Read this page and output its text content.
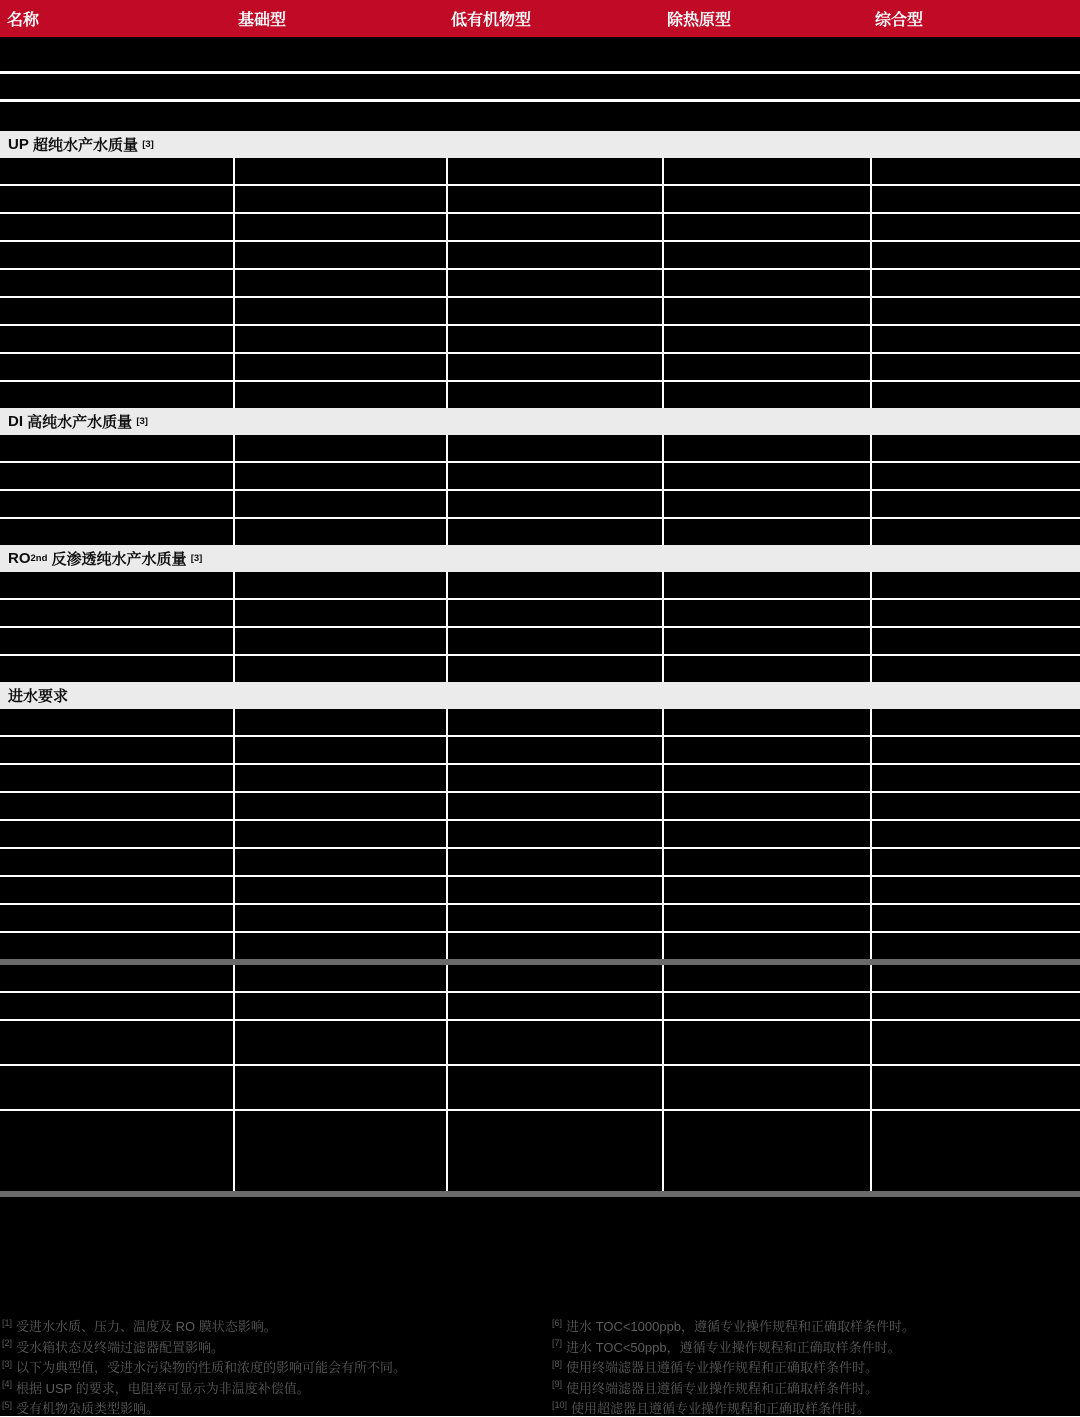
名称	基础型	低有机物型	除热原型	综合型
UP 超纯水产水质量 [3]
DI 高纯水产水质量 [3]
RO 2nd 反渗透纯水产水质量 [3]
进水要求
[1] 受进水水质、压力、温度及 RO 膜状态影响。
[2] 受水箱状态及终端过滤器配置影响。
[3] 以下为典型值，受进水污染物的性质和浓度的影响可能会有所不同。
[4] 根据 USP 的要求，电阻率可显示为非温度补偿值。
[5] 受有机物杂质类型影响。
[6] 进水 TOC<1000ppb，遵循专业操作规程和正确取样条件时。
[7] 进水 TOC<50ppb，遵循专业操作规程和正确取样条件时。
[8] 使用终端滤器且遵循专业操作规程和正确取样条件时。
[9] 使用终端滤器且遵循专业操作规程和正确取样条件时。
[10] 使用超滤器且遵循专业操作规程和正确取样条件时。
